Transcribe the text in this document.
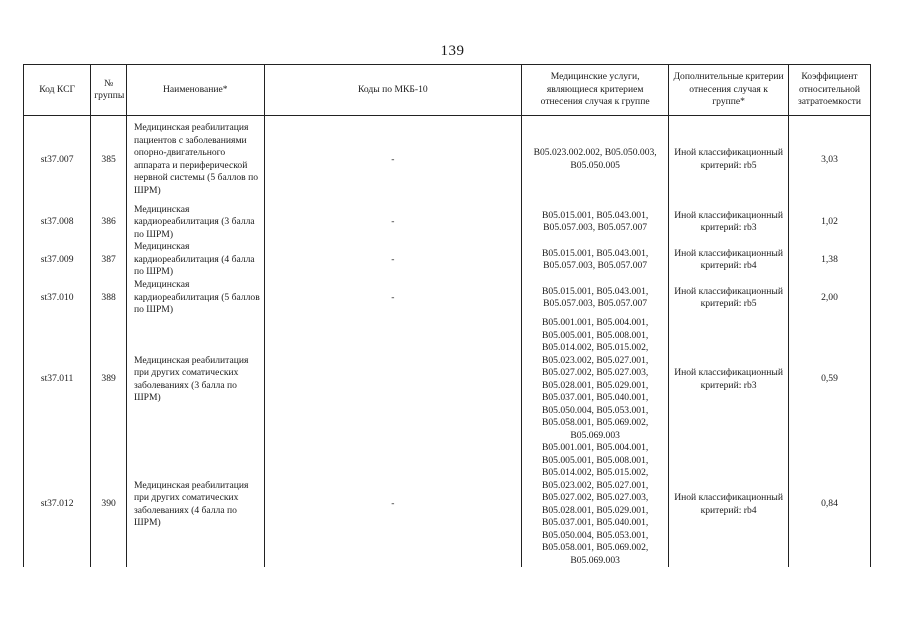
139
Код КСГ	№ группы	Наименование*	Коды по МКБ-10	Медицинские услуги, являющиеся критерием отнесения случая к группе	Дополнительные критерии отнесения случая к группе*	Коэффициент относительной затратоемкости
st37.007	385	Медицинская реабилитация пациентов с заболеваниями опорно-двигательного аппарата и периферической нервной системы (5 баллов по ШРМ)	-	B05.023.002.002, B05.050.003, B05.050.005	Иной классификационный критерий: rb5	3,03
st37.008	386	Медицинская кардиореабилитация (3 балла по ШРМ)	-	B05.015.001, B05.043.001, B05.057.003, B05.057.007	Иной классификационный критерий: rb3	1,02
st37.009	387	Медицинская кардиореабилитация (4 балла по ШРМ)	-	B05.015.001, B05.043.001, B05.057.003, B05.057.007	Иной классификационный критерий: rb4	1,38
st37.010	388	Медицинская кардиореабилитация (5 баллов по ШРМ)	-	B05.015.001, B05.043.001, B05.057.003, B05.057.007	Иной классификационный критерий: rb5	2,00
st37.011	389	Медицинская реабилитация при других соматических заболеваниях (3 балла по ШРМ)		B05.001.001, B05.004.001, B05.005.001, B05.008.001, B05.014.002, B05.015.002, B05.023.002, B05.027.001, B05.027.002, B05.027.003, B05.028.001, B05.029.001, B05.037.001, B05.040.001, B05.050.004, B05.053.001, B05.058.001, B05.069.002, B05.069.003	Иной классификационный критерий: rb3	0,59
st37.012	390	Медицинская реабилитация при других соматических заболеваниях (4 балла по ШРМ)	-	B05.001.001, B05.004.001, B05.005.001, B05.008.001, B05.014.002, B05.015.002, B05.023.002, B05.027.001, B05.027.002, B05.027.003, B05.028.001, B05.029.001, B05.037.001, B05.040.001, B05.050.004, B05.053.001, B05.058.001, B05.069.002, B05.069.003	Иной классификационный критерий: rb4	0,84
